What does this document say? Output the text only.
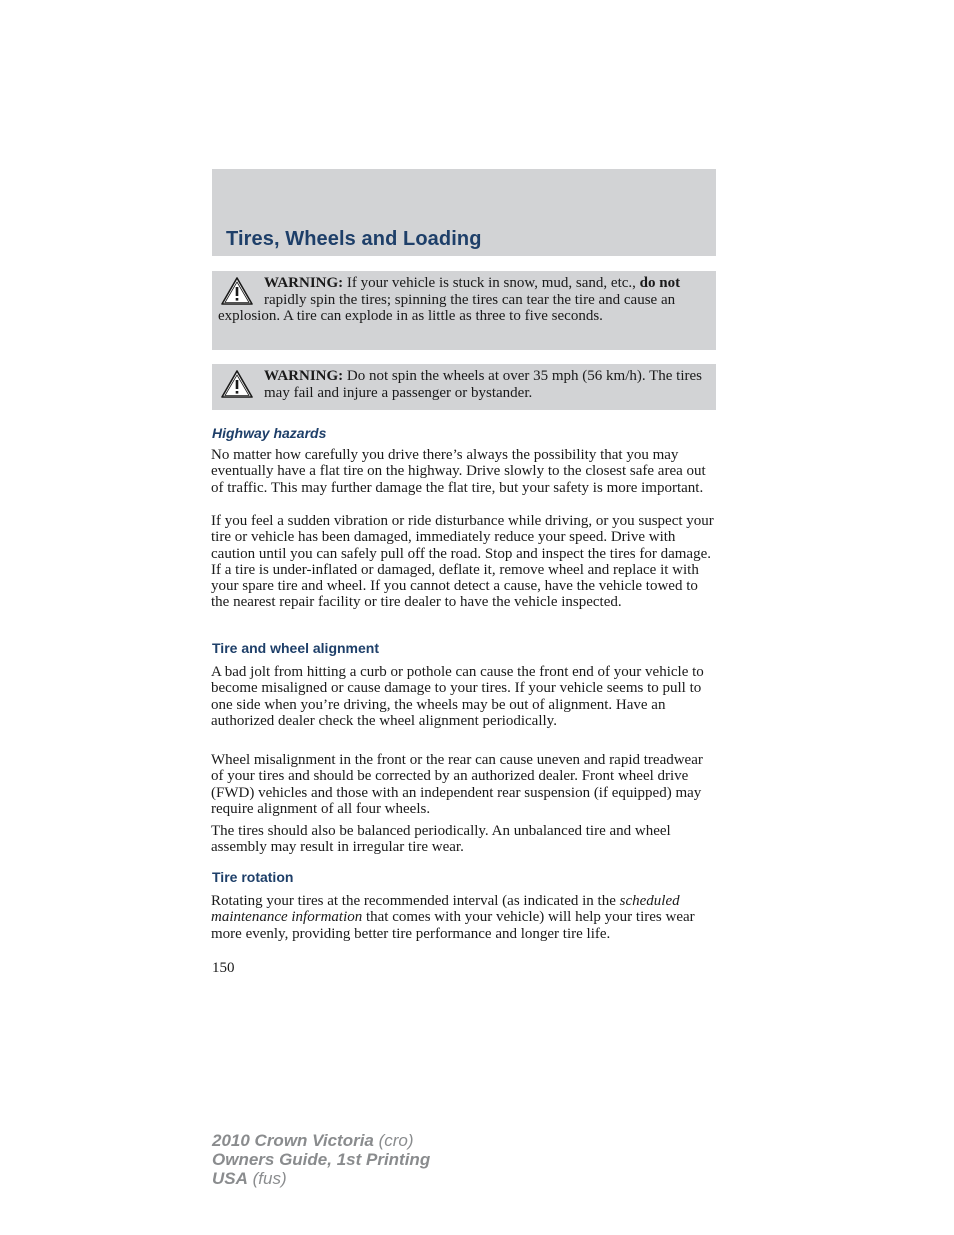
Tires, Wheels and Loading

WARNING: If your vehicle is stuck in snow, mud, sand, etc., do not rapidly spin the tires; spinning the tires can tear the tire and cause an explosion. A tire can explode in as little as three to five seconds.

WARNING: Do not spin the wheels at over 35 mph (56 km/h). The tires may fail and injure a passenger or bystander.

Highway hazards

No matter how carefully you drive there’s always the possibility that you may eventually have a flat tire on the highway. Drive slowly to the closest safe area out of traffic. This may further damage the flat tire, but your safety is more important.

If you feel a sudden vibration or ride disturbance while driving, or you suspect your tire or vehicle has been damaged, immediately reduce your speed. Drive with caution until you can safely pull off the road. Stop and inspect the tires for damage. If a tire is under-inflated or damaged, deflate it, remove wheel and replace it with your spare tire and wheel. If you cannot detect a cause, have the vehicle towed to the nearest repair facility or tire dealer to have the vehicle inspected.

Tire and wheel alignment

A bad jolt from hitting a curb or pothole can cause the front end of your vehicle to become misaligned or cause damage to your tires. If your vehicle seems to pull to one side when you’re driving, the wheels may be out of alignment. Have an authorized dealer check the wheel alignment periodically.

Wheel misalignment in the front or the rear can cause uneven and rapid treadwear of your tires and should be corrected by an authorized dealer. Front wheel drive (FWD) vehicles and those with an independent rear suspension (if equipped) may require alignment of all four wheels.

The tires should also be balanced periodically. An unbalanced tire and wheel assembly may result in irregular tire wear.

Tire rotation

Rotating your tires at the recommended interval (as indicated in the scheduled maintenance information that comes with your vehicle) will help your tires wear more evenly, providing better tire performance and longer tire life.

150
2010 Crown Victoria (cro)
Owners Guide, 1st Printing
USA (fus)
